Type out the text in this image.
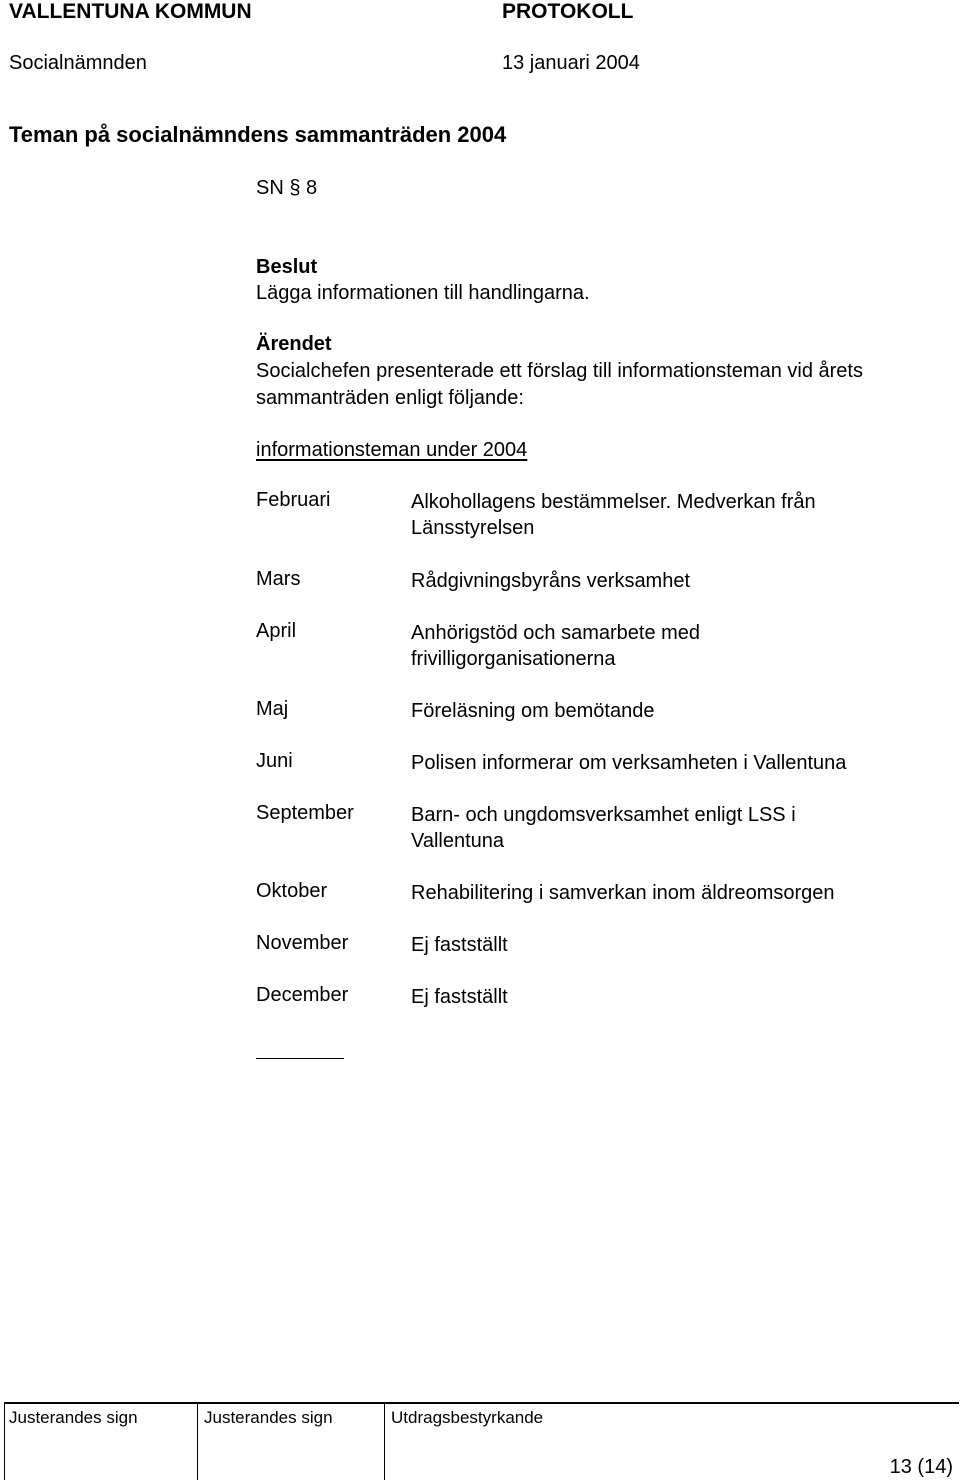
VALLENTUNA KOMMUN	PROTOKOLL
Socialnämnden	13 januari 2004
Teman på socialnämndens sammanträden 2004
SN § 8
Beslut
Lägga informationen till handlingarna.
Ärendet
Socialchefen presenterade ett förslag till informationsteman vid årets
sammanträden enligt följande:
informationsteman under 2004
Februari	Alkohollagens bestämmelser. Medverkan från
Länsstyrelsen
Mars	Rådgivningsbyråns verksamhet
April	Anhörigstöd och samarbete med
frivilligorganisationerna
Maj	Föreläsning om bemötande
Juni	Polisen informerar om verksamheten i Vallentuna
September	Barn- och ungdomsverksamhet enligt LSS i
Vallentuna
Oktober	Rehabilitering i samverkan inom äldreomsorgen
November	Ej fastställt
December	Ej fastställt
Justerandes sign	Justerandes sign	Utdragsbestyrkande
13 (14)
